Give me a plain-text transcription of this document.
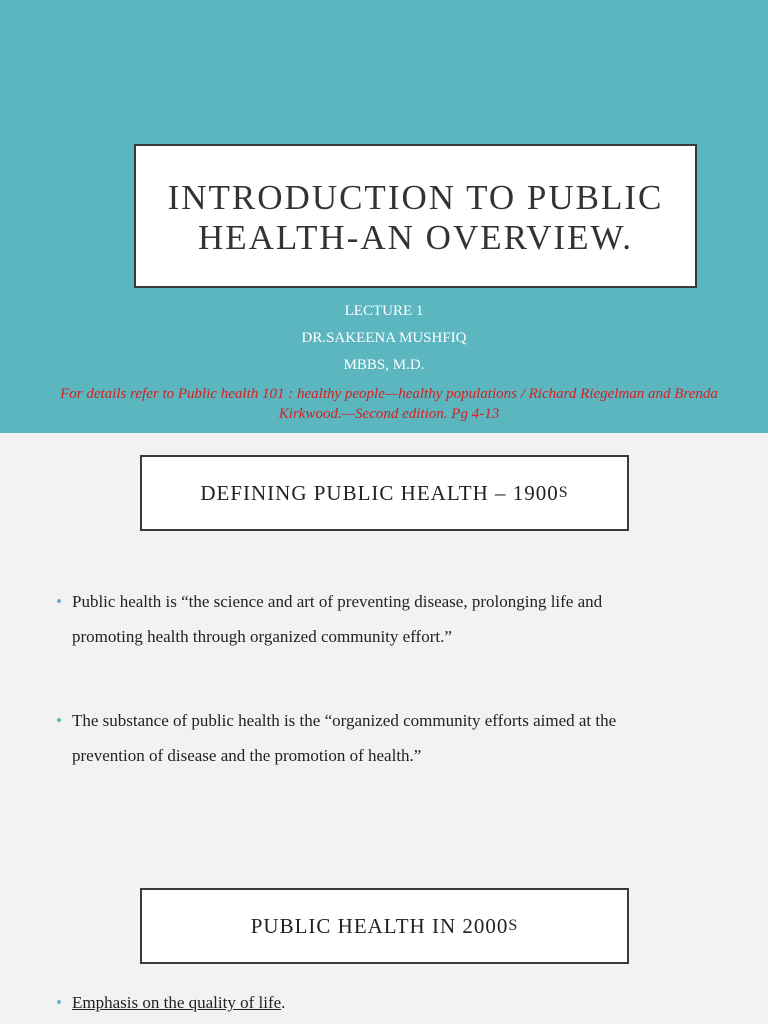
INTRODUCTION TO PUBLIC
HEALTH-AN OVERVIEW.
LECTURE 1
DR.SAKEENA MUSHFIQ
MBBS, M.D.
For details refer to Public health 101 : healthy people—healthy populations / Richard Riegelman and Brenda
Kirkwood.—Second edition. Pg 4-13
DEFINING PUBLIC HEALTH – 1900 S
• Public health is “the science and art of preventing disease, prolonging life and
promoting health through organized community effort.”
• The substance of public health is the “organized community efforts aimed at the
prevention of disease and the promotion of health.”
PUBLIC HEALTH IN 2000 S
• Emphasis on the quality of life.
